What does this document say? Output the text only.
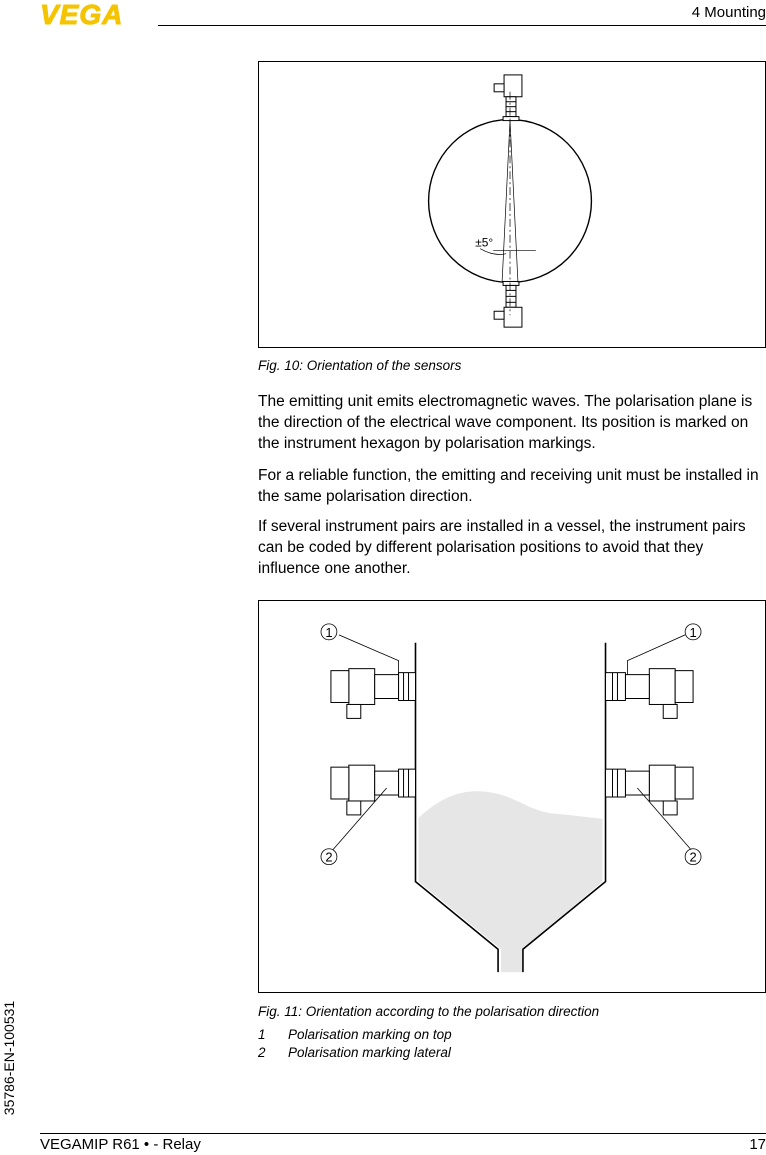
VEGA	4 Mounting
±5°
Fig. 10: Orientation of the sensors

The emitting unit emits electromagnetic waves. The polarisation plane is the direction of the electrical wave component. Its position is marked on the instrument hexagon by polarisation markings.

For a reliable function, the emitting and receiving unit must be installed in the same polarisation direction.

If several instrument pairs are installed in a vessel, the instrument pairs can be coded by different polarisation positions to avoid that they influence one another.

1	1
2	2
Fig. 11: Orientation according to the polarisation direction
1 Polarisation marking on top
2 Polarisation marking lateral
35786-EN-100531
VEGAMIP R61 • - Relay	17
